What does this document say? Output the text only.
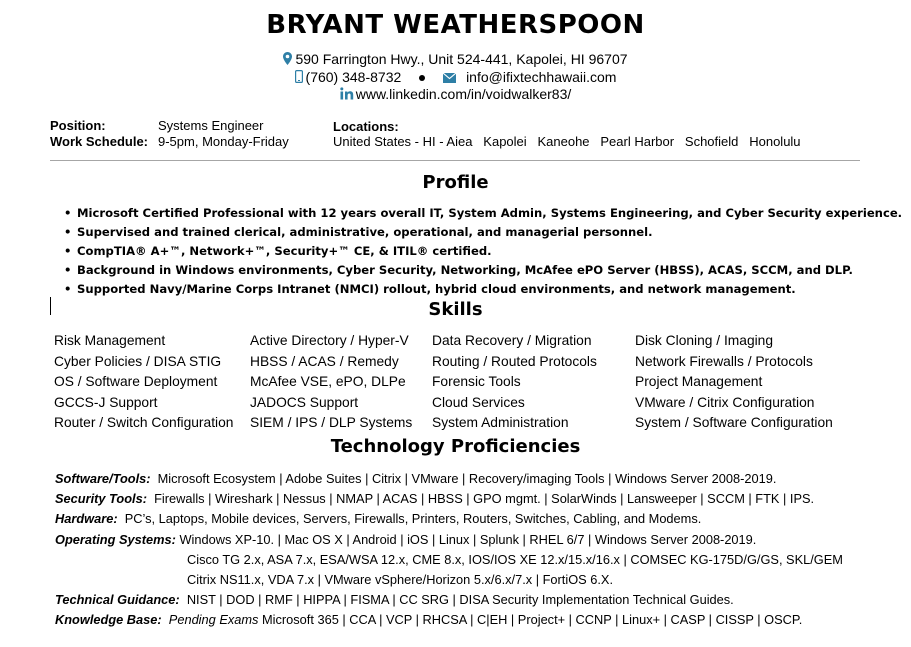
BRYANT WEATHERSPOON
590 Farrington Hwy., Unit 524-441, Kapolei, HI 96707
(760) 348-8732	info@ifixtechhawaii.com
www.linkedin.com/in/voidwalker83/
Position:	Systems Engineer
Work Schedule: 9-5pm, Monday-Friday
Locations:
United States - HI - Aiea   Kapolei   Kaneohe   Pearl Harbor   Schofield   Honolulu
Profile
• Microsoft Certified Professional with 12 years overall IT, System Admin, Systems Engineering, and Cyber Security experience.
• Supervised and trained clerical, administrative, operational, and managerial personnel.
• CompTIA® A+™, Network+™, Security+™ CE, & ITIL® certified.
• Background in Windows environments, Cyber Security, Networking, McAfee ePO Server (HBSS), ACAS, SCCM, and DLP.
• Supported Navy/Marine Corps Intranet (NMCI) rollout, hybrid cloud environments, and network management.
Skills
Risk Management
Cyber Policies / DISA STIG
OS / Software Deployment
GCCS-J Support
Router / Switch Configuration
Active Directory / Hyper-V
HBSS / ACAS / Remedy
McAfee VSE, ePO, DLPe
JADOCS Support
SIEM / IPS / DLP Systems
Data Recovery / Migration
Routing / Routed Protocols
Forensic Tools
Cloud Services
System Administration
Disk Cloning / Imaging
Network Firewalls / Protocols
Project Management
VMware / Citrix Configuration
System / Software Configuration
Technology Proficiencies
Software/Tools: Microsoft Ecosystem | Adobe Suites | Citrix | VMware | Recovery/imaging Tools | Windows Server 2008-2019.
Security Tools: Firewalls | Wireshark | Nessus | NMAP | ACAS | HBSS | GPO mgmt. | SolarWinds | Lansweeper | SCCM | FTK | IPS.
Hardware: PC’s, Laptops, Mobile devices, Servers, Firewalls, Printers, Routers, Switches, Cabling, and Modems.
Operating Systems: Windows XP-10. | Mac OS X | Android | iOS | Linux | Splunk | RHEL 6/7 | Windows Server 2008-2019.
Cisco TG 2.x, ASA 7.x, ESA/WSA 12.x, CME 8.x, IOS/IOS XE 12.x/15.x/16.x | COMSEC KG-175D/G/GS, SKL/GEM
Citrix NS11.x, VDA 7.x | VMware vSphere/Horizon 5.x/6.x/7.x | FortiOS 6.X.
Technical Guidance: NIST | DOD | RMF | HIPPA | FISMA | CC SRG | DISA Security Implementation Technical Guides.
Knowledge Base: Pending Exams Microsoft 365 | CCA | VCP | RHCSA | C|EH | Project+ | CCNP | Linux+ | CASP | CISSP | OSCP.
